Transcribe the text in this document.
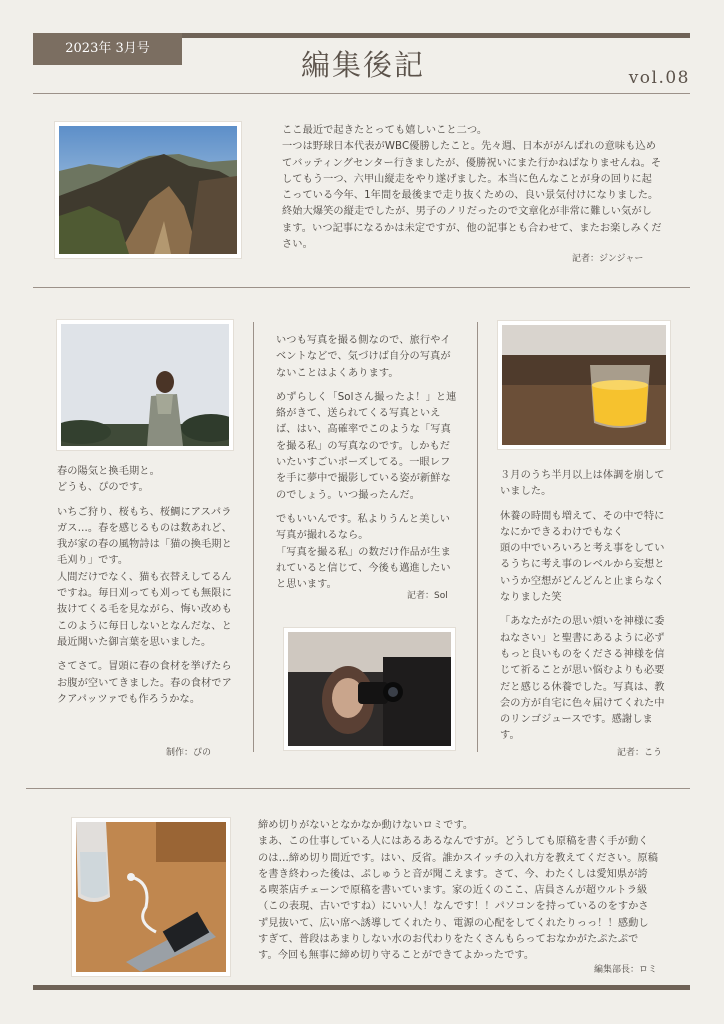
2023年 3月号	編集後記	vol.08

ここ最近で起きたとっても嬉しいこと二つ。
一つは野球日本代表がWBC優勝したこと。先々週、日本ががんばれの意味も込めてバッティングセンター行きましたが、優勝祝いにまた行かねばなりませんね。そしてもう一つ、六甲山縦走をやり遂げました。本当に色んなことが身の回りに起こっている今年、1年間を最後まで走り抜くための、良い景気付けになりました。終始大爆笑の縦走でしたが、男子のノリだったので文章化が非常に難しい気がします。いつ記事になるかは未定ですが、他の記事とも合わせて、またお楽しみください。

記者：ジンジャー

春の陽気と換毛期と。
どうも、ぴのです。

いちご狩り、桜もち、桜鯛にアスパラガス…。春を感じるものは数あれど、我が家の春の風物詩は「猫の換毛期と毛刈り」です。
人間だけでなく、猫も衣替えしてるんですね。毎日刈っても刈っても無限に抜けてくる毛を見ながら、悔い改めもこのように毎日しないとなんだな、と最近聞いた御言葉を思いました。

さてさて。冒頭に春の食材を挙げたらお腹が空いてきました。春の食材でアクアパッツァでも作ろうかな。

制作：ぴの

いつも写真を撮る側なので、旅行やイベントなどで、気づけば自分の写真がないことはよくあります。

めずらしく「Solさん撮ったよ！」と連絡がきて、送られてくる写真といえば、はい、高確率でこのような「写真を撮る私」の写真なのです。しかもだいたいすごいポーズしてる。一眼レフを手に夢中で撮影している姿が新鮮なのでしょう。いつ撮ったんだ。

でもいいんです。私よりうんと美しい写真が撮れるなら。
「写真を撮る私」の数だけ作品が生まれていると信じて、今後も邁進したいと思います。

記者：Sol

３月のうち半月以上は体調を崩していました。

休養の時間も増えて、その中で特になにかできるわけでもなく
頭の中でいろいろと考え事をしているうちに考え事のレベルから妄想というか空想がどんどんと止まらなくなりました笑

「あなたがたの思い煩いを神様に委ねなさい」と聖書にあるように必ずもっと良いものをくださる神様を信じて祈ることが思い悩むよりも必要だと感じる休養でした。写真は、教会の方が自宅に色々届けてくれた中のリンゴジュースです。感謝します。

記者：こう

締め切りがないとなかなか動けないロミです。
まあ、この仕事している人にはあるあるなんですが。どうしても原稿を書く手が動くのは…締め切り間近です。はい、反省。誰かスイッチの入れ方を教えてください。原稿を書き終わった後は、ぷしゅうと音が聞こえます。さて、今、わたくしは愛知県が誇る喫茶店チェーンで原稿を書いています。家の近くのここ、店員さんが超ウルトラ級（この表現、古いですね）にいい人！なんです！！パソコンを持っているのをすかさず見抜いて、広い席へ誘導してくれたり、電源の心配をしてくれたりっっ！！感動しすぎて、普段はあまりしない水のお代わりをたくさんもらっておなかがたぷたぷです。今回も無事に締め切り守ることができてよかったです。

編集部長：ロミ
